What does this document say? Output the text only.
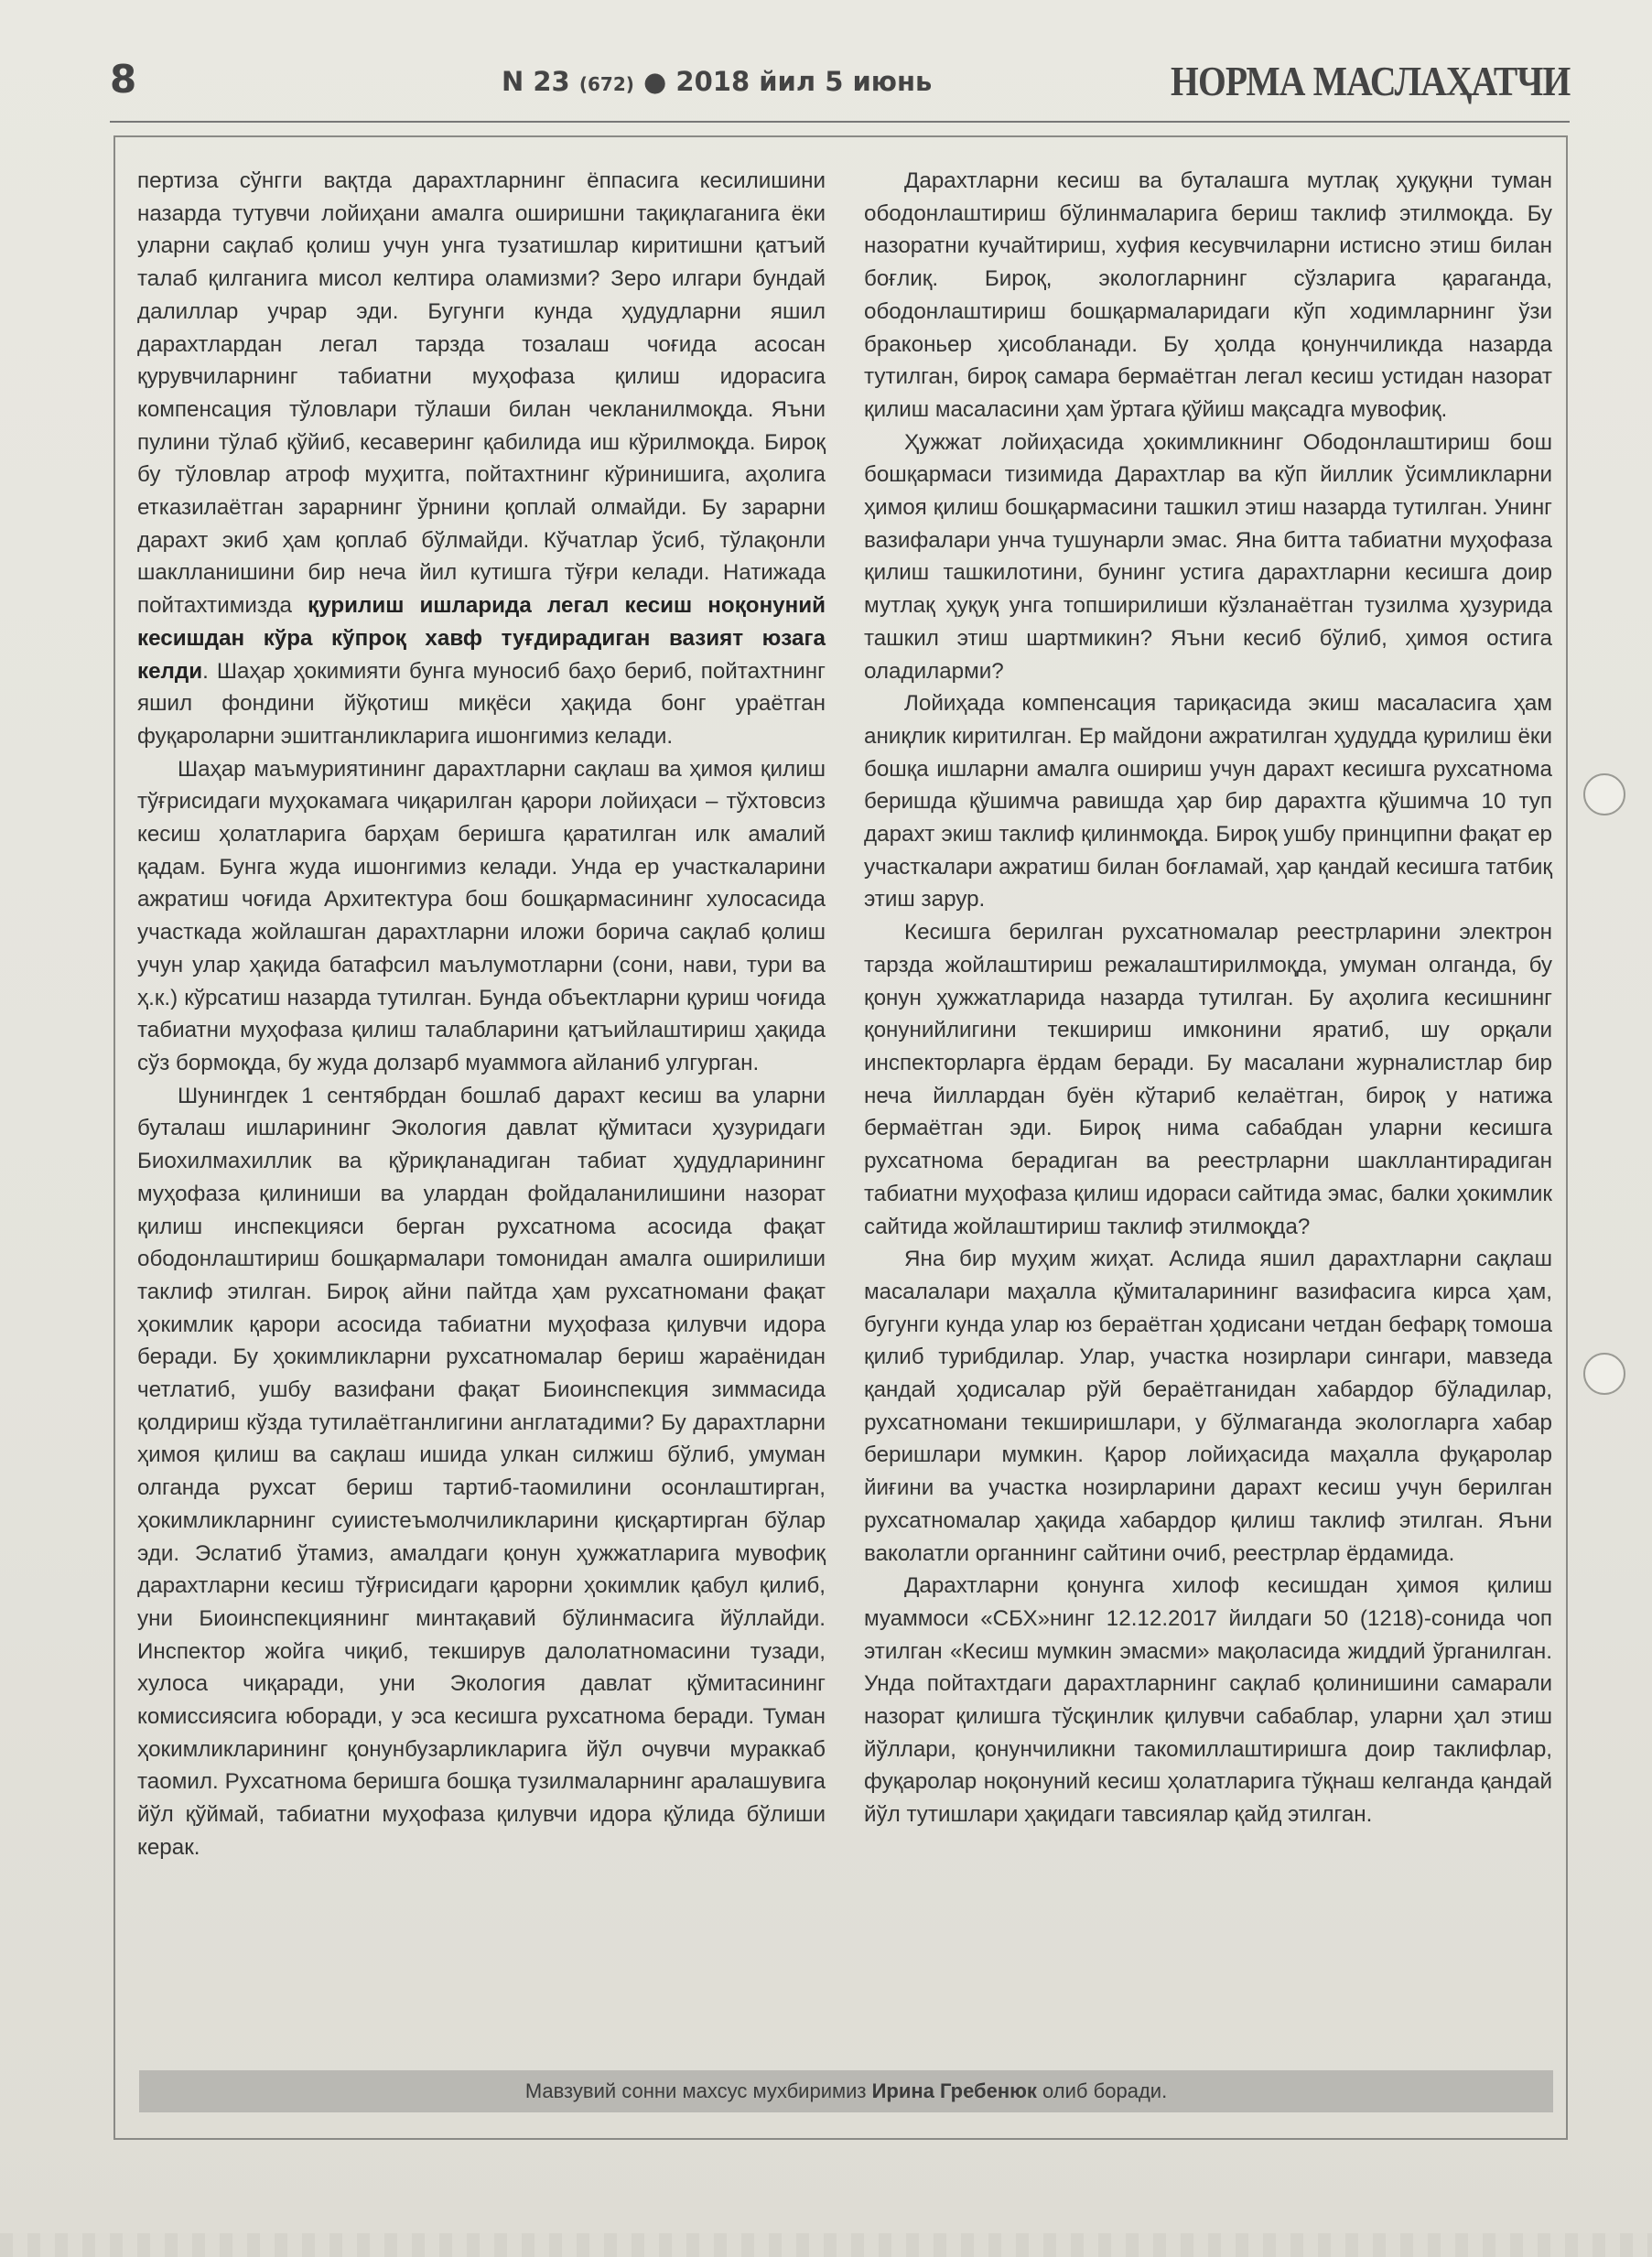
8	N 23 (672) ● 2018 йил 5 июнь	НОРМА МАСЛАҲАТЧИ

пертиза сўнгги вақтда дарахтларнинг ёппасига кесилишини назарда тутувчи лойиҳани амалга оширишни тақиқлаганига ёки уларни сақлаб қолиш учун унга тузатишлар киритишни қатъий талаб қилганига мисол келтира оламизми? Зеро илгари бундай далиллар учрар эди. Бугунги кунда ҳудудларни яшил дарахтлардан легал тарзда тозалаш чоғида асосан қурувчиларнинг табиатни муҳофаза қилиш идорасига компенсация тўловлари тўлаши билан чекланилмоқда. Яъни пулини тўлаб қўйиб, кесаверинг қабилида иш кўрилмоқда. Бироқ бу тўловлар атроф муҳитга, пойтахтнинг кўринишига, аҳолига етказилаётган зарарнинг ўрнини қоплай олмайди. Бу зарарни дарахт экиб ҳам қоплаб бўлмайди. Кўчатлар ўсиб, тўлақонли шаклланишини бир неча йил кутишга тўғри келади. Натижада пойтахтимизда қурилиш ишларида легал кесиш ноқонуний кесишдан кўра кўпроқ хавф туғдирадиган вазият юзага келди. Шаҳар ҳокимияти бунга муносиб баҳо бериб, пойтахтнинг яшил фондини йўқотиш миқёси ҳақида бонг ураётган фуқароларни эшитганликларига ишонгимиз келади.

Шаҳар маъмуриятининг дарахтларни сақлаш ва ҳимоя қилиш тўғрисидаги муҳокамага чиқарилган қарори лойиҳаси – тўхтовсиз кесиш ҳолатларига барҳам беришга қаратилган илк амалий қадам. Бунга жуда ишонгимиз келади. Унда ер участкаларини ажратиш чоғида Архитектура бош бошқармасининг хулосасида участкада жойлашган дарахтларни иложи борича сақлаб қолиш учун улар ҳақида батафсил маълумотларни (сони, нави, тури ва ҳ.к.) кўрсатиш назарда тутилган. Бунда объектларни қуриш чоғида табиатни муҳофаза қилиш талабларини қатъийлаштириш ҳақида сўз бормоқда, бу жуда долзарб муаммога айланиб улгурган.

Шунингдек 1 сентябрдан бошлаб дарахт кесиш ва уларни буталаш ишларининг Экология давлат қўмитаси ҳузуридаги Биохилмахиллик ва қўриқланадиган табиат ҳудудларининг муҳофаза қилиниши ва улардан фойдаланилишини назорат қилиш инспекцияси берган рухсатнома асосида фақат ободонлаштириш бошқармалари томонидан амалга оширилиши таклиф этилган. Бироқ айни пайтда ҳам рухсатномани фақат ҳокимлик қарори асосида табиатни муҳофаза қилувчи идора беради. Бу ҳокимликларни рухсатномалар бериш жараёнидан четлатиб, ушбу вазифани фақат Биоинспекция зиммасида қолдириш кўзда тутилаётганлигини англатадими? Бу дарахтларни ҳимоя қилиш ва сақлаш ишида улкан силжиш бўлиб, умуман олганда рухсат бериш тартиб-таомилини осонлаштирган, ҳокимликларнинг суиистеъмолчиликларини қисқартирган бўлар эди. Эслатиб ўтамиз, амалдаги қонун ҳужжатларига мувофиқ дарахтларни кесиш тўғрисидаги қарорни ҳокимлик қабул қилиб, уни Биоинспекциянинг минтақавий бўлинмасига йўллайди. Инспектор жойга чиқиб, текширув далолатномасини тузади, хулоса чиқаради, уни Экология давлат қўмитасининг комиссиясига юборади, у эса кесишга рухсатнома беради. Туман ҳокимликларининг қонунбузарликларига йўл очувчи мураккаб таомил. Рухсатнома беришга бошқа тузилмаларнинг аралашувига йўл қўймай, табиатни муҳофаза қилувчи идора қўлида бўлиши керак.

Дарахтларни кесиш ва буталашга мутлақ ҳуқуқни туман ободонлаштириш бўлинмаларига бериш таклиф этилмоқда. Бу назоратни кучайтириш, хуфия кесувчиларни истисно этиш билан боғлиқ. Бироқ, экологларнинг сўзларига қараганда, ободонлаштириш бошқармаларидаги кўп ходимларнинг ўзи браконьер ҳисобланади. Бу ҳолда қонунчиликда назарда тутилган, бироқ самара бермаётган легал кесиш устидан назорат қилиш масаласини ҳам ўртага қўйиш мақсадга мувофиқ.

Ҳужжат лойиҳасида ҳокимликнинг Ободонлаштириш бош бошқармаси тизимида Дарахтлар ва кўп йиллик ўсимликларни ҳимоя қилиш бошқармасини ташкил этиш назарда тутилган. Унинг вазифалари унча тушунарли эмас. Яна битта табиатни муҳофаза қилиш ташкилотини, бунинг устига дарахтларни кесишга доир мутлақ ҳуқуқ унга топширилиши кўзланаётган тузилма ҳузурида ташкил этиш шартмикин? Яъни кесиб бўлиб, ҳимоя остига оладиларми?

Лойиҳада компенсация тариқасида экиш масаласига ҳам аниқлик киритилган. Ер майдони ажратилган ҳудудда қурилиш ёки бошқа ишларни амалга ошириш учун дарахт кесишга рухсатнома беришда қўшимча равишда ҳар бир дарахтга қўшимча 10 туп дарахт экиш таклиф қилинмоқда. Бироқ ушбу принципни фақат ер участкалари ажратиш билан боғламай, ҳар қандай кесишга татбиқ этиш зарур.

Кесишга берилган рухсатномалар реестрларини электрон тарзда жойлаштириш режалаштирилмоқда, умуман олганда, бу қонун ҳужжатларида назарда тутилган. Бу аҳолига кесишнинг қонунийлигини текшириш имконини яратиб, шу орқали инспекторларга ёрдам беради. Бу масалани журналистлар бир неча йиллардан буён кўтариб келаётган, бироқ у натижа бермаётган эди. Бироқ нима сабабдан уларни кесишга рухсатнома берадиган ва реестрларни шакллантирадиган табиатни муҳофаза қилиш идораси сайтида эмас, балки ҳокимлик сайтида жойлаштириш таклиф этилмоқда?

Яна бир муҳим жиҳат. Аслида яшил дарахтларни сақлаш масалалари маҳалла қўмиталарининг вазифасига кирса ҳам, бугунги кунда улар юз бераётган ҳодисани четдан бефарқ томоша қилиб турибдилар. Улар, участка нозирлари сингари, мавзеда қандай ҳодисалар рўй бераётганидан хабардор бўладилар, рухсатномани текширишлари, у бўлмаганда экологларга хабар беришлари мумкин. Қарор лойиҳасида маҳалла фуқаролар йиғини ва участка нозирларини дарахт кесиш учун берилган рухсатномалар ҳақида хабардор қилиш таклиф этилган. Яъни ваколатли органнинг сайтини очиб, реестрлар ёрдамида.

Дарахтларни қонунга хилоф кесишдан ҳимоя қилиш муаммоси «СБХ»нинг 12.12.2017 йилдаги 50 (1218)-сонида чоп этилган «Кесиш мумкин эмасми» мақоласида жиддий ўрганилган. Унда пойтахтдаги дарахтларнинг сақлаб қолинишини самарали назорат қилишга тўсқинлик қилувчи сабаблар, уларни ҳал этиш йўллари, қонунчиликни такомиллаштиришга доир таклифлар, фуқаролар ноқонуний кесиш ҳолатларига тўқнаш келганда қандай йўл тутишлари ҳақидаги тавсиялар қайд этилган.

Мавзувий сонни махсус мухбиримиз Ирина Гребенюк олиб боради.
